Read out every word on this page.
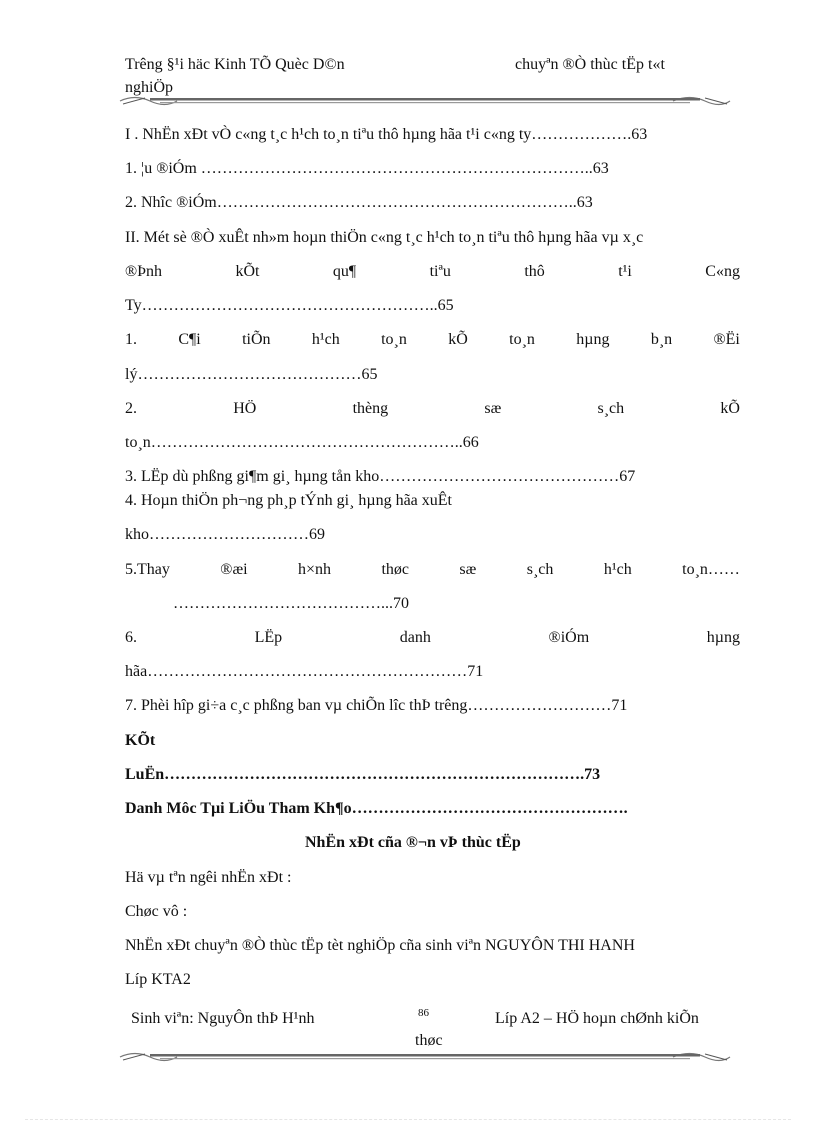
Trêng §¹i häc Kinh TÕ Quèc D©n	chuyªn ®Ò thùc tËp t«t
nghiÖp
I . NhËn xÐt vÒ c«ng t¸c h¹ch to¸n tiªu thô hµng hãa t¹i c«ng ty……………….63
1. ¦u ®iÓm ………………………………………………………………..63
2. Nhîc ®iÓm…………………………………………………………..63
II. Mét sè ®Ò xuÊt nh»m hoµn thiÖn c«ng t¸c h¹ch to¸n tiªu thô hµng hãa vµ x¸c
®Þnh	kÕt	qu¶	tiªu	thô	t¹i	C«ng
Ty………………………………………………..65
1.	C¶i	tiÕn	h¹ch	to¸n	kÕ	to¸n	hµng	b¸n	®Ëi
lý……………………………………65
2.	HÖ	thèng	sæ	s¸ch	kÕ
to¸n…………………………………………………..66
3. LËp dù phßng gi¶m gi¸ hµng tån kho………………………………………67
4. Hoµn thiÖn ph¬ng ph¸p tÝnh gi¸ hµng hãa xuÊt
kho…………………………69
5.Thay	®æi	h×nh	thøc	sæ	s¸ch	h¹ch	to¸n……
…………………………………...70
6.	LËp	danh	®iÓm	hµng
hãa……………………………………………………71
7. Phèi hîp gi÷a c¸c phßng ban vµ chiÕn lîc thÞ trêng………………………71
KÕt
LuËn…………………………………………………………………….73
Danh Môc Tµi LiÖu Tham Kh¶o…………………………………………….
NhËn xÐt cña ®¬n vÞ thùc tËp
Hä vµ tªn ngêi nhËn xÐt :
Chøc vô :
NhËn xÐt chuyªn ®Ò thùc tËp tèt nghiÖp cña sinh viªn NGUYÔN THI HANH
Líp KTA2
Sinh viªn: NguyÔn thÞ H¹nh	86	Líp A2 – HÖ hoµn chØnh kiÕn
thøc
